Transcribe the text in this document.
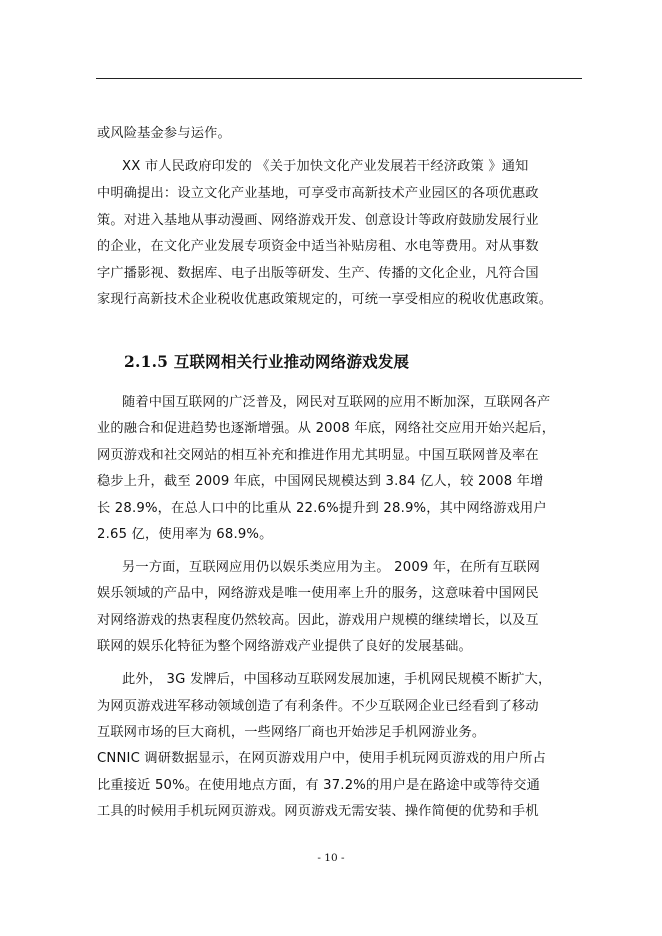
或风险基金参与运作。
XX 市人民政府印发的 《关于加快文化产业发展若干经济政策 》通知
中明确提出：设立文化产业基地，可享受市高新技术产业园区的各项优惠政
策。对进入基地从事动漫画、网络游戏开发、创意设计等政府鼓励发展行业
的企业，在文化产业发展专项资金中适当补贴房租、水电等费用。对从事数
字广播影视、数据库、电子出版等研发、生产、传播的文化企业，凡符合国
家现行高新技术企业税收优惠政策规定的，可统一享受相应的税收优惠政策。
2.1.5 互联网相关行业推动网络游戏发展
随着中国互联网的广泛普及，网民对互联网的应用不断加深，互联网各产
业的融合和促进趋势也逐渐增强。从 2008 年底，网络社交应用开始兴起后，
网页游戏和社交网站的相互补充和推进作用尤其明显。中国互联网普及率在
稳步上升，截至 2009 年底，中国网民规模达到 3.84 亿人，较 2008 年增
长 28.9%，在总人口中的比重从 22.6%提升到 28.9%，其中网络游戏用户
2.65 亿，使用率为 68.9%。
另一方面，互联网应用仍以娱乐类应用为主。 2009 年，在所有互联网
娱乐领域的产品中，网络游戏是唯一使用率上升的服务，这意味着中国网民
对网络游戏的热衷程度仍然较高。因此，游戏用户规模的继续增长，以及互
联网的娱乐化特征为整个网络游戏产业提供了良好的发展基础。
此外， 3G 发牌后，中国移动互联网发展加速，手机网民规模不断扩大，
为网页游戏进军移动领域创造了有利条件。不少互联网企业已经看到了移动
互联网市场的巨大商机，一些网络厂商也开始涉足手机网游业务。
CNNIC 调研数据显示，在网页游戏用户中，使用手机玩网页游戏的用户所占
比重接近 50%。在使用地点方面，有 37.2%的用户是在路途中或等待交通
工具的时候用手机玩网页游戏。网页游戏无需安装、操作简便的优势和手机
- 10 -
